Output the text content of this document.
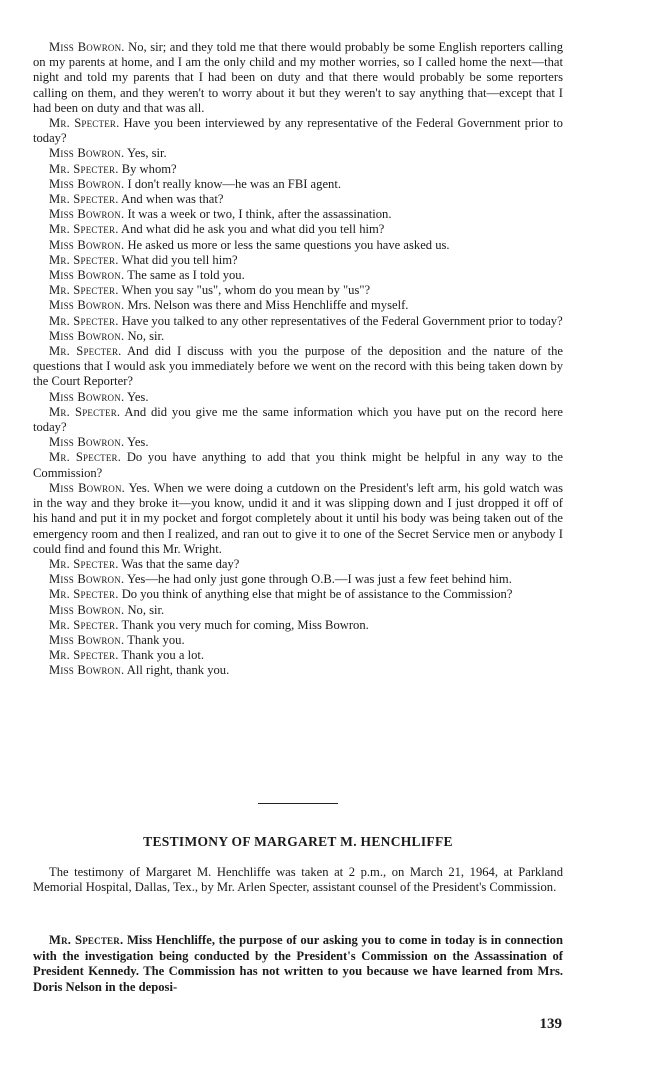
Miss Bowron. No, sir; and they told me that there would probably be some English reporters calling on my parents at home, and I am the only child and my mother worries, so I called home the next—that night and told my parents that I had been on duty and that there would probably be some reporters calling on them, and they weren't to worry about it but they weren't to say anything that—except that I had been on duty and that was all.

Mr. Specter. Have you been interviewed by any representative of the Federal Government prior to today?

Miss Bowron. Yes, sir.

Mr. Specter. By whom?

Miss Bowron. I don't really know—he was an FBI agent.

Mr. Specter. And when was that?

Miss Bowron. It was a week or two, I think, after the assassination.

Mr. Specter. And what did he ask you and what did you tell him?

Miss Bowron. He asked us more or less the same questions you have asked us.

Mr. Specter. What did you tell him?

Miss Bowron. The same as I told you.

Mr. Specter. When you say "us", whom do you mean by "us"?

Miss Bowron. Mrs. Nelson was there and Miss Henchliffe and myself.

Mr. Specter. Have you talked to any other representatives of the Federal Government prior to today?

Miss Bowron. No, sir.

Mr. Specter. And did I discuss with you the purpose of the deposition and the nature of the questions that I would ask you immediately before we went on the record with this being taken down by the Court Reporter?

Miss Bowron. Yes.

Mr. Specter. And did you give me the same information which you have put on the record here today?

Miss Bowron. Yes.

Mr. Specter. Do you have anything to add that you think might be helpful in any way to the Commission?

Miss Bowron. Yes. When we were doing a cutdown on the President's left arm, his gold watch was in the way and they broke it—you know, undid it and it was slipping down and I just dropped it off of his hand and put it in my pocket and forgot completely about it until his body was being taken out of the emergency room and then I realized, and ran out to give it to one of the Secret Service men or anybody I could find and found this Mr. Wright.

Mr. Specter. Was that the same day?

Miss Bowron. Yes—he had only just gone through O.B.—I was just a few feet behind him.

Mr. Specter. Do you think of anything else that might be of assistance to the Commission?

Miss Bowron. No, sir.

Mr. Specter. Thank you very much for coming, Miss Bowron.

Miss Bowron. Thank you.

Mr. Specter. Thank you a lot.

Miss Bowron. All right, thank you.

TESTIMONY OF MARGARET M. HENCHLIFFE

The testimony of Margaret M. Henchliffe was taken at 2 p.m., on March 21, 1964, at Parkland Memorial Hospital, Dallas, Tex., by Mr. Arlen Specter, assistant counsel of the President's Commission.

Mr. Specter. Miss Henchliffe, the purpose of our asking you to come in today is in connection with the investigation being conducted by the President's Commission on the Assassination of President Kennedy. The Commission has not written to you because we have learned from Mrs. Doris Nelson in the deposi-

139
